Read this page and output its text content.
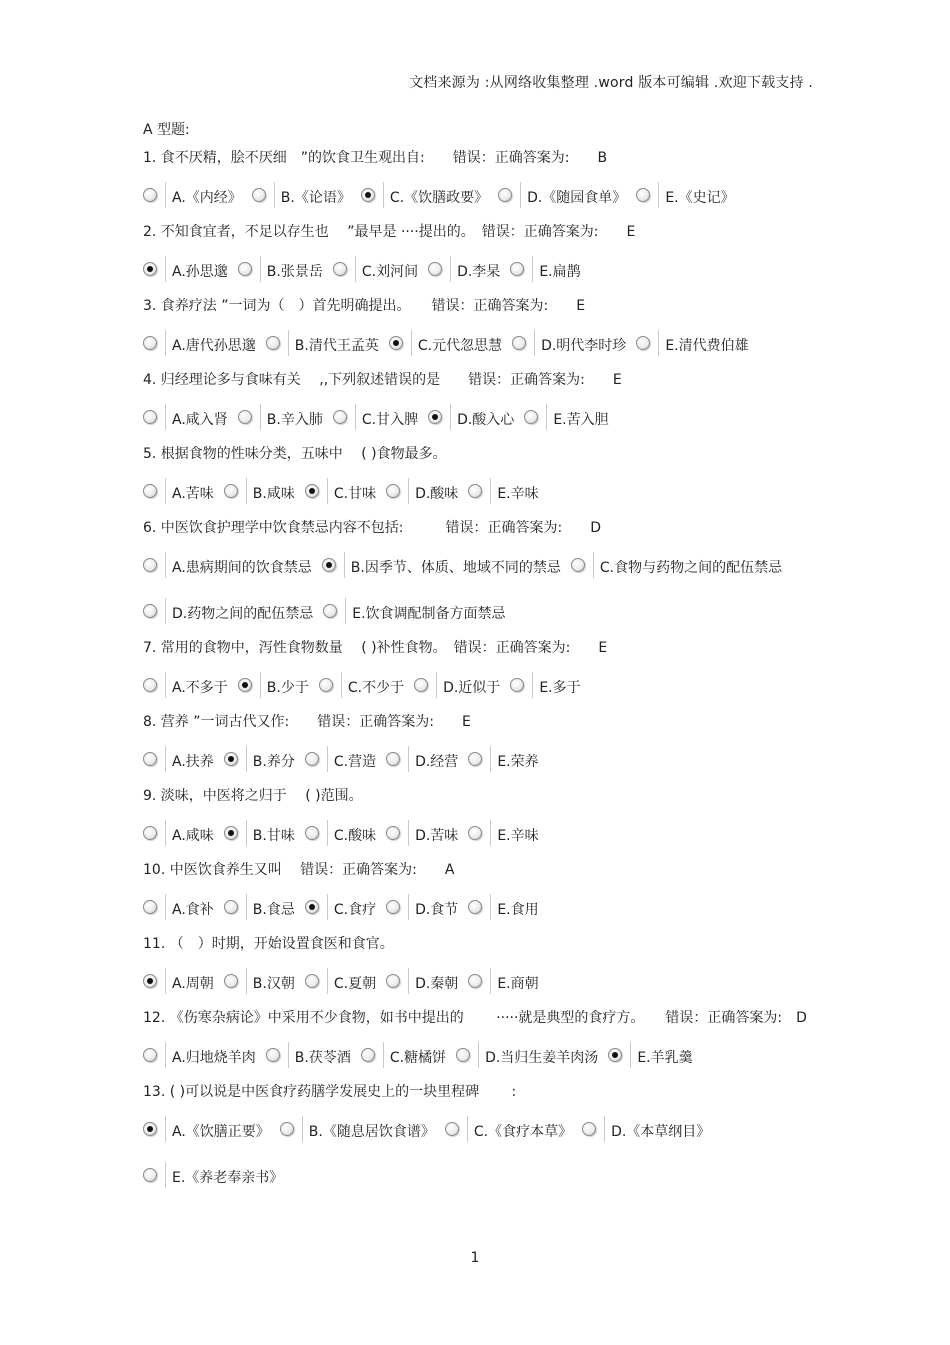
文档来源为 :从网络收集整理 .word 版本可编辑 .欢迎下载支持 .
A 型题:
1. 食不厌精，脍不厌细　”的饮食卫生观出自:　　错误：正确答案为:　　B
A.《内经》	B.《论语》	C.《饮膳政要》	D.《随园食单》	E.《史记》
2. 不知食宜者，不足以存生也　 ”最早是 ····提出的。　错误：正确答案为:　　E
A.孙思邈	B.张景岳	C.刘河间	D.李杲	E.扁鹊
3. 食养疗法 ”一词为（　）首先明确提出。　　错误：正确答案为:　　E
A.唐代孙思邈	B.清代王孟英	C.元代忽思慧	D.明代李时珍	E.清代费伯雄
4. 归经理论多与食味有关　 ,,下列叙述错误的是　　错误：正确答案为:　　E
A.咸入肾	B.辛入肺	C.甘入脾	D.酸入心	E.苦入胆
5. 根据食物的性味分类，五味中　 ( )食物最多。
A.苦味	B.咸味	C.甘味	D.酸味	E.辛味
6. 中医饮食护理学中饮食禁忌内容不包括:　　　错误：正确答案为:　　D
A.患病期间的饮食禁忌	B.因季节、体质、地域不同的禁忌	C.食物与药物之间的配伍禁忌
D.药物之间的配伍禁忌	E.饮食调配制备方面禁忌
7. 常用的食物中，泻性食物数量　 ( )补性食物。　错误：正确答案为:　　E
A.不多于	B.少于	C.不少于	D.近似于	E.多于
8. 营养 ”一词古代又作:　　错误：正确答案为:　　E
A.扶养	B.养分	C.营造	D.经营	E.荣养
9. 淡味，中医将之归于　 ( )范围。
A.咸味	B.甘味	C.酸味	D.苦味	E.辛味
10. 中医饮食养生又叫　 错误：正确答案为:　　A
A.食补	B.食忌	C.食疗	D.食节	E.食用
11. （　）时期，开始设置食医和食官。
A.周朝	B.汉朝	C.夏朝	D.秦朝	E.商朝
12. 《伤寒杂病论》中采用不少食物，如书中提出的　　 ·····就是典型的食疗方。　　错误：正确答案为:　D
A.归地烧羊肉	B.茯苓酒	C.糖橘饼	D.当归生姜羊肉汤	E.羊乳羹
13. ( )可以说是中医食疗药膳学发展史上的一块里程碑　　 :
A.《饮膳正要》	B.《随息居饮食谱》	C.《食疗本草》	D.《本草纲目》
E.《养老奉亲书》
1
